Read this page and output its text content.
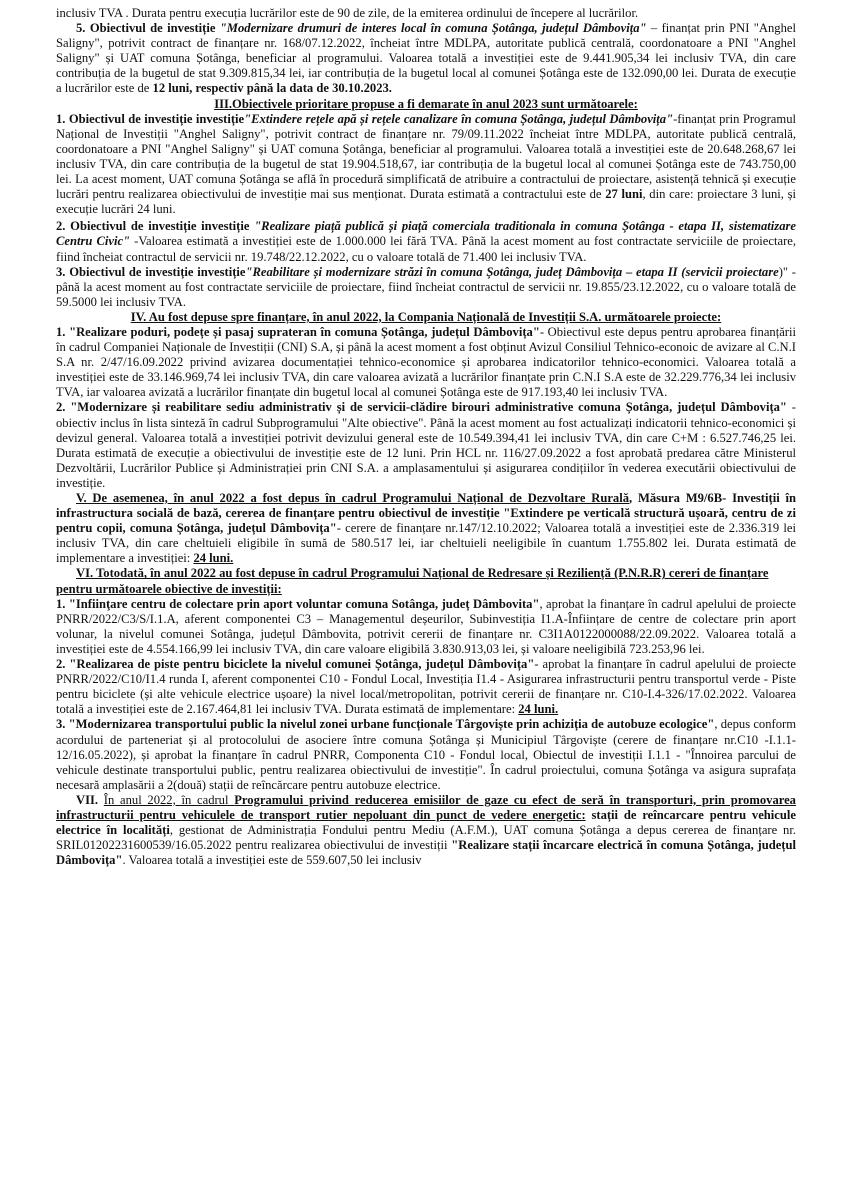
inclusiv TVA . Durata pentru execuția lucrărilor este de 90 de zile, de la emiterea ordinului de începere al lucrărilor.

5. Obiectivul de investiție "Modernizare drumuri de interes local în comuna Șotânga, județul Dâmbovița" – finanțat prin PNI "Anghel Saligny", potrivit contract de finanțare nr. 168/07.12.2022, încheiat între MDLPA, autoritate publică centrală, coordonatoare a PNI "Anghel Saligny" și UAT comuna Șotânga, beneficiar al programului. Valoarea totală a investiției este de 9.441.905,34 lei inclusiv TVA, din care contribuția de la bugetul de stat 9.309.815,34 lei, iar contribuția de la bugetul local al comunei Șotânga este de 132.090,00 lei. Durata de execuție a lucrărilor este de 12 luni, respectiv până la data de 30.10.2023.

III.Obiectivele prioritare propuse a fi demarate în anul 2023 sunt următoarele:

1. Obiectivul de investiție investiție"Extindere rețele apă și rețele canalizare în comuna Șotânga, județul Dâmbovița"-finanțat prin Programul Național de Investiții "Anghel Saligny", potrivit contract de finanțare nr. 79/09.11.2022 încheiat între MDLPA, autoritate publică centrală, coordonatoare a PNI "Anghel Saligny" și UAT comuna Șotânga, beneficiar al programului. Valoarea totală a investiției este de 20.648.268,67 lei inclusiv TVA, din care contribuția de la bugetul de stat 19.904.518,67, iar contribuția de la bugetul local al comunei Șotânga este de 743.750,00 lei. La acest moment, UAT comuna Șotânga se află în procedură simplificată de atribuire a contractului de proiectare, asistență tehnică și execuție lucrări pentru realizarea obiectivului de investiție mai sus menționat. Durata estimată a contractului este de 27 luni, din care: proiectare 3 luni, și execuție lucrări 24 luni.

2. Obiectivul de investiție investiție "Realizare piață publică și piață comerciala traditionala in comuna Șotânga - etapa II, sistematizare Centru Civic" -Valoarea estimată a investiției este de 1.000.000 lei fără TVA. Până la acest moment au fost contractate serviciile de proiectare, fiind încheiat contractul de servicii nr. 19.748/22.12.2022, cu o valoare totală de 71.400 lei inclusiv TVA.

3. Obiectivul de investiție investiție"Reabilitare și modernizare străzi în comuna Șotânga, județ Dâmbovița – etapa II (servicii proiectare)" - până la acest moment au fost contractate serviciile de proiectare, fiind încheiat contractul de servicii nr. 19.855/23.12.2022, cu o valoare totală de 59.5000 lei inclusiv TVA.

IV. Au fost depuse spre finanțare, în anul 2022, la Compania Națională de Investiții S.A. următoarele proiecte:

1. "Realizare poduri, podețe și pasaj suprateran în comuna Șotânga, județul Dâmbovița"- Obiectivul este depus pentru aprobarea finanțării în cadrul Companiei Naționale de Investiții (CNI) S.A, și până la acest moment a fost obținut Avizul Consiliul Tehnico-econoic de avizare al C.N.I S.A nr. 2/47/16.09.2022 privind avizarea documentației tehnico-economice și aprobarea indicatorilor tehnico-economici. Valoarea totală a investiției este de 33.146.969,74 lei inclusiv TVA, din care valoarea avizată a lucrărilor finanțate prin C.N.I S.A este de 32.229.776,34 lei inclusiv TVA, iar valoarea avizată a lucrărilor finanțate din bugetul local al comunei Șotânga este de 917.193,40 lei inclusiv TVA.

2. "Modernizare și reabilitare sediu administrativ și de servicii-clădire birouri administrative comuna Șotânga, județul Dâmbovița" -obiectiv inclus în lista sinteză în cadrul Subprogramului "Alte obiective". Până la acest moment au fost actualizați indicatorii tehnico-economici și devizul general. Valoarea totală a investiției potrivit devizului general este de 10.549.394,41 lei inclusiv TVA, din care C+M : 6.527.746,25 lei. Durata estimată de execuție a obiectivului de investiție este de 12 luni. Prin HCL nr. 116/27.09.2022 a fost aprobată predarea către Ministerul Dezvoltării, Lucrărilor Publice și Administrației prin CNI S.A. a amplasamentului și asigurarea condițiilor în vederea executării obiectivului de investiție.

V. De asemenea, în anul 2022 a fost depus în cadrul Programului Național de Dezvoltare Rurală, Măsura M9/6B- Investiții în infrastructura socială de bază, cererea de finanțare pentru obiectivul de investiție "Extindere pe verticală structură ușoară, centru de zi pentru copii, comuna Șotânga, județul Dâmbovița"- cerere de finanțare nr.147/12.10.2022; Valoarea totală a investiției este de 2.336.319 lei inclusiv TVA, din care cheltuieli eligibile în sumă de 580.517 lei, iar cheltuieli neeligibile în cuantum 1.755.802 lei. Durata estimată de implementare a investiției: 24 luni.

VI. Totodată, în anul 2022 au fost depuse în cadrul Programului Național de Redresare și Reziliență (P.N.R.R) cereri de finanțare pentru următoarele obiective de investiții:

1. "Infiinţare centru de colectare prin aport voluntar comuna Sotânga, județ Dâmbovita", aprobat la finanțare în cadrul apelului de proiecte PNRR/2022/C3/S/I.1.A, aferent componentei C3 – Managementul deșeurilor, Subinvestiția I1.A-Înființare de centre de colectare prin aport volunar, la nivelul comunei Sotânga, județul Dâmbovita, potrivit cererii de finanțare nr. C3I1A0122000088/22.09.2022. Valoarea totală a investiției este de 4.554.166,99 lei inclusiv TVA, din care valoare eligibilă 3.830.913,03 lei, și valoare neeligibilă 723.253,96 lei.

2. "Realizarea de piste pentru biciclete la nivelul comunei Șotânga, județul Dâmbovița"- aprobat la finanțare în cadrul apelului de proiecte PNRR/2022/C10/I1.4 runda I, aferent componentei C10 - Fondul Local, Investiția I1.4 - Asigurarea infrastructurii pentru transportul verde - Piste pentru biciclete (și alte vehicule electrice ușoare) la nivel local/metropolitan, potrivit cererii de finanțare nr. C10-I.4-326/17.02.2022. Valoarea totală a investiției este de 2.167.464,81 lei inclusiv TVA. Durata estimată de implementare: 24 luni.

3. "Modernizarea transportului public la nivelul zonei urbane funcționale Târgoviște prin achiziția de autobuze ecologice", depus conform acordului de parteneriat și al protocolului de asociere între comuna Șotânga și Municipiul Târgoviște (cerere de finanțare nr.C10 -I.1.1-12/16.05.2022), și aprobat la finanțare în cadrul PNRR, Componenta C10 - Fondul local, Obiectul de investiții I.1.1 - "Înnoirea parcului de vehicule destinate transportului public, pentru realizarea obiectivului de investiție". În cadrul proiectului, comuna Șotânga va asigura suprafața necesară amplasării a 2(două) stații de reîncărcare pentru autobuze electrice.

VII. În anul 2022, în cadrul Programului privind reducerea emisiilor de gaze cu efect de seră în transporturi, prin promovarea infrastructurii pentru vehiculele de transport rutier nepoluant din punct de vedere energetic: stații de reîncarcare pentru vehicule electrice în localități, gestionat de Administrația Fondului pentru Mediu (A.F.M.), UAT comuna Șotânga a depus cererea de finanțare nr. SRIL01202231600539/16.05.2022 pentru realizarea obiectivului de investiții "Realizare stații încarcare electrică în comuna Șotânga, județul Dâmbovița". Valoarea totală a investiției este de 559.607,50 lei inclusiv
